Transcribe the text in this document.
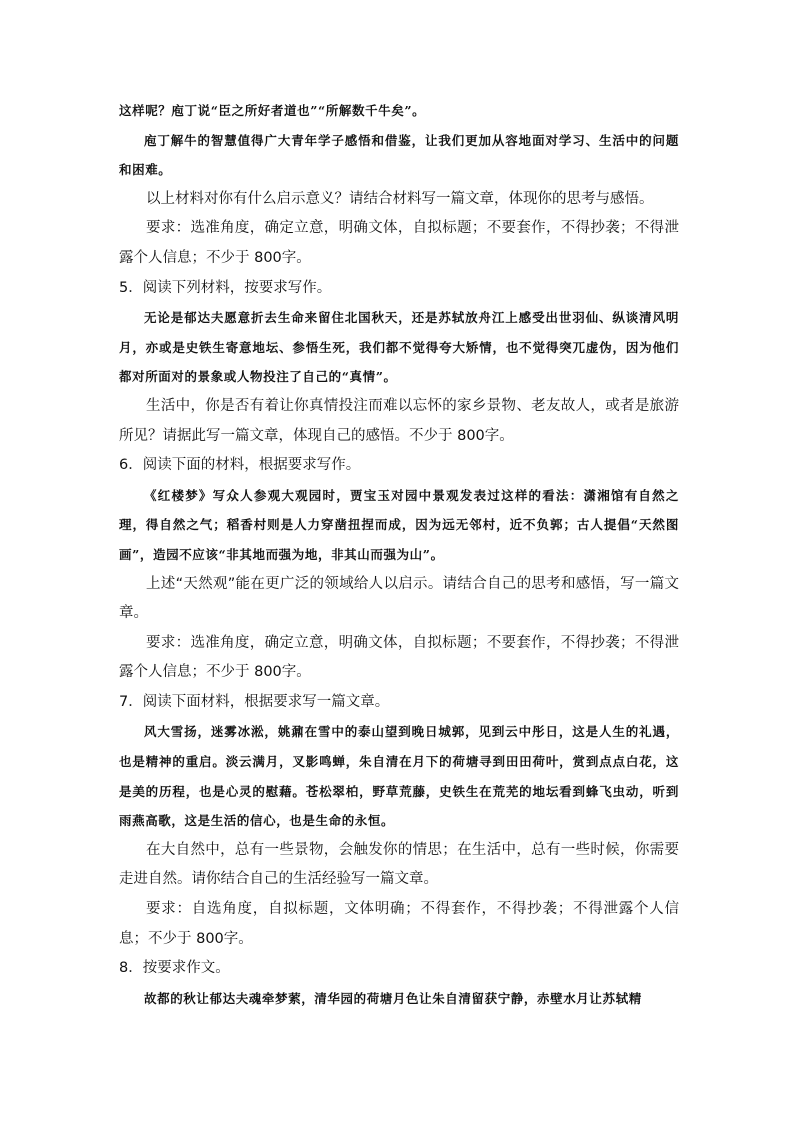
这样呢？庖丁说“臣之所好者道也”“所解数千牛矣”。

庖丁解牛的智慧值得广大青年学子感悟和借鉴，让我们更加从容地面对学习、生活中的问题和困难。

以上材料对你有什么启示意义？请结合材料写一篇文章，体现你的思考与感悟。

要求：选准角度，确定立意，明确文体，自拟标题；不要套作，不得抄袭；不得泄露个人信息；不少于 800字。

5．阅读下列材料，按要求写作。

无论是郁达夫愿意折去生命来留住北国秋天，还是苏轼放舟江上感受出世羽仙、纵谈清风明月，亦或是史铁生寄意地坛、参悟生死，我们都不觉得夸大矫情，也不觉得突兀虚伪，因为他们都对所面对的景象或人物投注了自己的“真情”。

生活中，你是否有着让你真情投注而难以忘怀的家乡景物、老友故人，或者是旅游所见？请据此写一篇文章，体现自己的感悟。不少于 800字。

6．阅读下面的材料，根据要求写作。

《红楼梦》写众人参观大观园时，贾宝玉对园中景观发表过这样的看法：潇湘馆有自然之理，得自然之气；稻香村则是人力穿凿扭捏而成，因为远无邻村，近不负郭；古人提倡“天然图画”，造园不应该“非其地而强为地，非其山而强为山”。

上述“天然观”能在更广泛的领域给人以启示。请结合自己的思考和感悟，写一篇文章。

要求：选准角度，确定立意，明确文体，自拟标题；不要套作，不得抄袭；不得泄露个人信息；不少于 800字。

7．阅读下面材料，根据要求写一篇文章。

风大雪扬，迷雾冰淞，姚鼐在雪中的泰山望到晚日城郭，见到云中彤日，这是人生的礼遇，也是精神的重启。淡云满月，叉影鸣蝉，朱自清在月下的荷塘寻到田田荷叶，赏到点点白花，这是美的历程，也是心灵的慰藉。苍松翠柏，野草荒藤，史铁生在荒芜的地坛看到蜂飞虫动，听到雨燕高歌，这是生活的信心，也是生命的永恒。

在大自然中，总有一些景物，会触发你的情思；在生活中，总有一些时候，你需要走进自然。请你结合自己的生活经验写一篇文章。

要求：自选角度，自拟标题，文体明确；不得套作，不得抄袭；不得泄露个人信息；不少于 800字。

8．按要求作文。

故都的秋让郁达夫魂牵梦萦，清华园的荷塘月色让朱自清留获宁静，赤壁水月让苏轼精
